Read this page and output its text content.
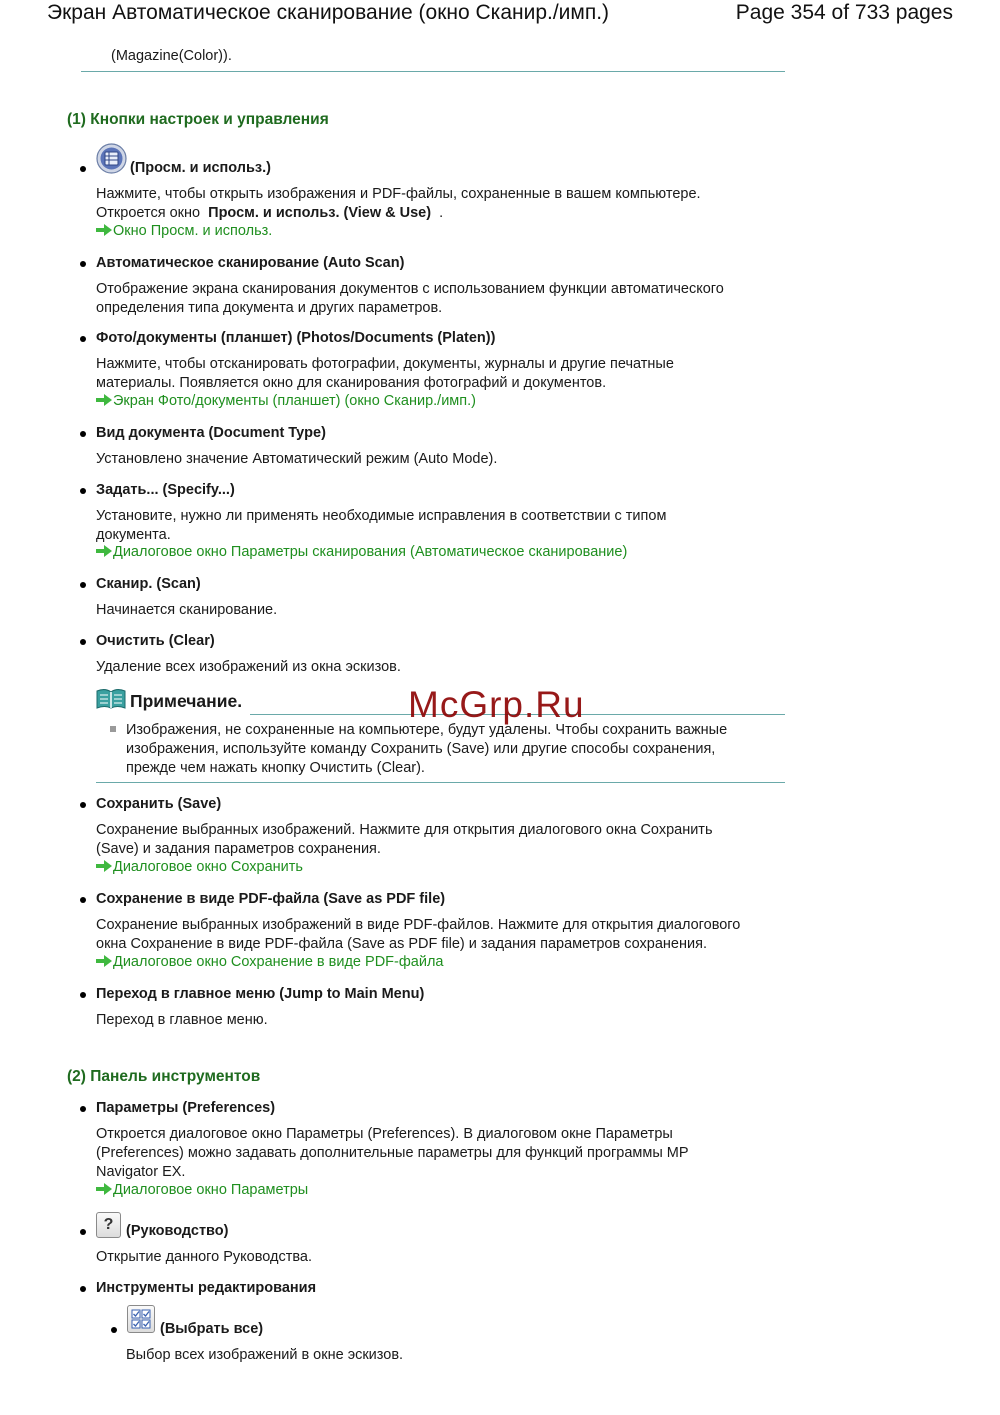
Экран Автоматическое сканирование (окно Сканир./имп.)	Page 354 of 733 pages
(Magazine(Color)).
(1) Кнопки настроек и управления
(Просм. и использ.)
Нажмите, чтобы открыть изображения и PDF-файлы, сохраненные в вашем компьютере.
Откроется окно Просм. и использ. (View & Use) .
Окно Просм. и использ.
Автоматическое сканирование (Auto Scan)
Отображение экрана сканирования документов с использованием функции автоматического
определения типа документа и других параметров.
Фото/документы (планшет) (Photos/Documents (Platen))
Нажмите, чтобы отсканировать фотографии, документы, журналы и другие печатные
материалы. Появляется окно для сканирования фотографий и документов.
Экран Фото/документы (планшет) (окно Сканир./имп.)
Вид документа (Document Type)
Установлено значение Автоматический режим (Auto Mode).
Задать... (Specify...)
Установите, нужно ли применять необходимые исправления в соответствии с типом
документа.
Диалоговое окно Параметры сканирования (Автоматическое сканирование)
Сканир. (Scan)
Начинается сканирование.
Очистить (Clear)
Удаление всех изображений из окна эскизов.
Примечание.
Изображения, не сохраненные на компьютере, будут удалены. Чтобы сохранить важные
изображения, используйте команду Сохранить (Save) или другие способы сохранения,
прежде чем нажать кнопку Очистить (Clear).
Сохранить (Save)
Сохранение выбранных изображений. Нажмите для открытия диалогового окна Сохранить
(Save) и задания параметров сохранения.
Диалоговое окно Сохранить
Сохранение в виде PDF-файла (Save as PDF file)
Сохранение выбранных изображений в виде PDF-файлов. Нажмите для открытия диалогового
окна Сохранение в виде PDF-файла (Save as PDF file) и задания параметров сохранения.
Диалоговое окно Сохранение в виде PDF-файла
Переход в главное меню (Jump to Main Menu)
Переход в главное меню.
(2) Панель инструментов
Параметры (Preferences)
Откроется диалоговое окно Параметры (Preferences). В диалоговом окне Параметры
(Preferences) можно задавать дополнительные параметры для функций программы MP
Navigator EX.
Диалоговое окно Параметры
? (Руководство)
Открытие данного Руководства.
Инструменты редактирования
(Выбрать все)
Выбор всех изображений в окне эскизов.
McGrp.Ru
